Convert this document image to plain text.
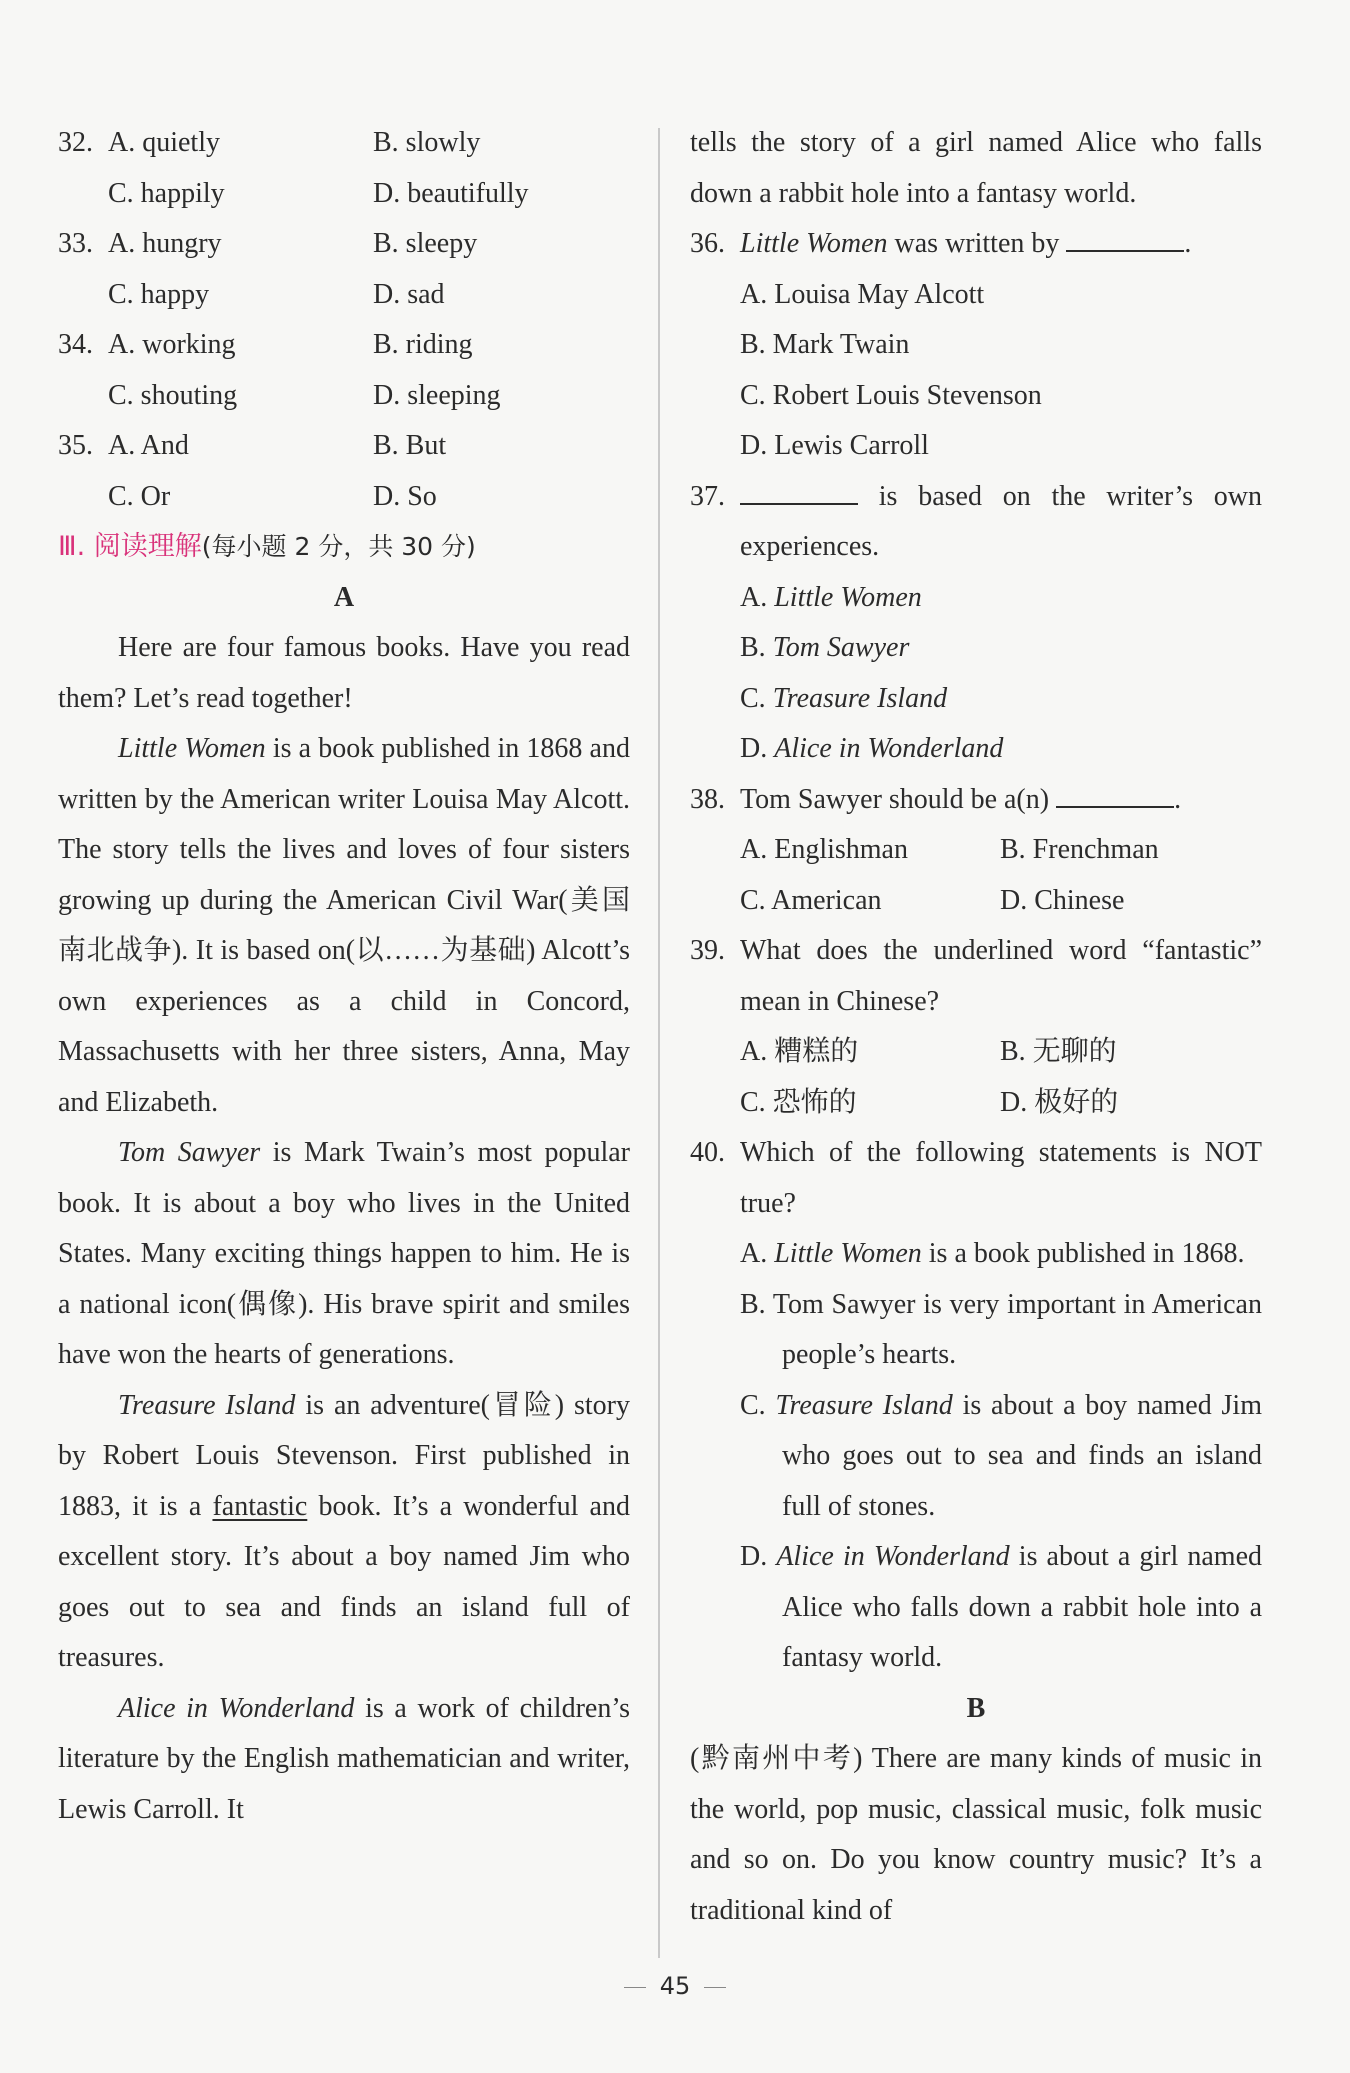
32. A. quietly	B. slowly
C. happily	D. beautifully
33. A. hungry	B. sleepy
C. happy	D. sad
34. A. working	B. riding
C. shouting	D. sleeping
35. A. And	B. But
C. Or	D. So
Ⅲ. 阅读理解(每小题 2 分，共 30 分)
A
Here are four famous books. Have you read them? Let’s read together!
Little Women is a book published in 1868 and written by the American writer Louisa May Alcott. The story tells the lives and loves of four sisters growing up during the American Civil War(美国南北战争). It is based on(以……为基础) Alcott’s own experiences as a child in Concord, Massachusetts with her three sisters, Anna, May and Elizabeth.
Tom Sawyer is Mark Twain’s most popular book. It is about a boy who lives in the United States. Many exciting things happen to him. He is a national icon(偶像). His brave spirit and smiles have won the hearts of generations.
Treasure Island is an adventure(冒险) story by Robert Louis Stevenson. First published in 1883, it is a fantastic book. It’s a wonderful and excellent story. It’s about a boy named Jim who goes out to sea and finds an island full of treasures.
Alice in Wonderland is a work of children’s literature by the English mathematician and writer, Lewis Carroll. It
tells the story of a girl named Alice who falls down a rabbit hole into a fantasy world.
36. Little Women was written by	.
A. Louisa May Alcott
B. Mark Twain
C. Robert Louis Stevenson
D. Lewis Carroll
37.	is based on the writer’s own experiences.
A. Little Women
B. Tom Sawyer
C. Treasure Island
D. Alice in Wonderland
38. Tom Sawyer should be a(n)	.
A. Englishman	B. Frenchman
C. American	D. Chinese
39. What does the underlined word “fantastic” mean in Chinese?
A. 糟糕的	B. 无聊的
C. 恐怖的	D. 极好的
40. Which of the following statements is NOT true?
A. Little Women is a book published in 1868.
B. Tom Sawyer is very important in American people’s hearts.
C. Treasure Island is about a boy named Jim who goes out to sea and finds an island full of stones.
D. Alice in Wonderland is about a girl named Alice who falls down a rabbit hole into a fantasy world.
B
(黔南州中考) There are many kinds of music in the world, pop music, classical music, folk music and so on. Do you know country music? It’s a traditional kind of
45
